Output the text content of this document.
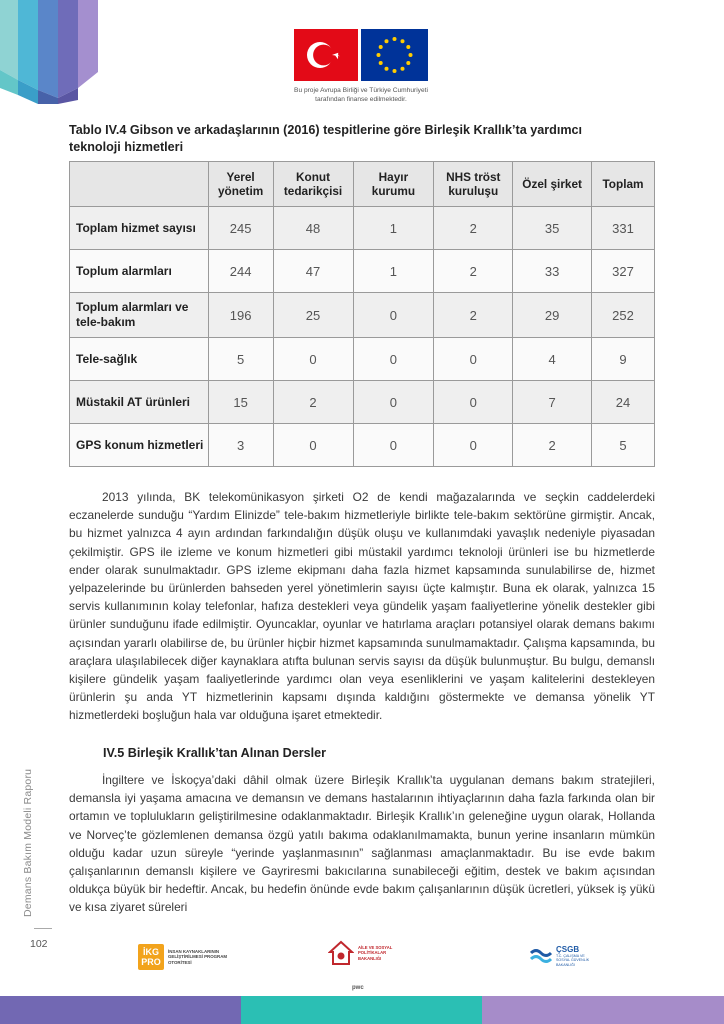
Bu proje Avrupa Birliği ve Türkiye Cumhuriyeti
tarafından finanse edilmektedir.
Tablo IV.4 Gibson ve arkadaşlarının (2016) tespitlerine göre Birleşik Krallık’ta yardımcı teknoloji hizmetleri
	Yerel yönetim	Konut tedarikçisi	Hayır kurumu	NHS tröst kuruluşu	Özel şirket	Toplam
Toplam hizmet sayısı	245	48	1	2	35	331
Toplum alarmları	244	47	1	2	33	327
Toplum alarmları ve tele-bakım	196	25	0	2	29	252
Tele-sağlık	5	0	0	0	4	9
Müstakil AT ürünleri	15	2	0	0	7	24
GPS konum hizmetleri	3	0	0	0	2	5

2013 yılında, BK telekomünikasyon şirketi O2 de kendi mağazalarında ve seçkin caddelerdeki eczanelerde sunduğu “Yardım Elinizde” tele-bakım hizmetleriyle birlikte tele-bakım sektörüne girmiştir. Ancak, bu hizmet yalnızca 4 ayın ardından farkındalığın düşük oluşu ve kullanımdaki yavaşlık nedeniyle piyasadan çekilmiştir. GPS ile izleme ve konum hizmetleri gibi müstakil yardımcı teknoloji ürünleri ise bu hizmetlerde ender olarak sunulmaktadır. GPS izleme ekipmanı daha fazla hizmet kapsamında sunulabilirse de, hizmet yelpazelerinde bu ürünlerden bahseden yerel yönetimlerin sayısı üçte kalmıştır. Buna ek olarak, yalnızca 15 servis kullanımının kolay telefonlar, hafıza destekleri veya gündelik yaşam faaliyetlerine yönelik destekler gibi ürünler sunduğunu ifade edilmiştir. Oyuncaklar, oyunlar ve hatırlama araçları potansiyel olarak demans bakımı açısından yararlı olabilirse de, bu ürünler hiçbir hizmet kapsamında sunulmamaktadır. Çalışma kapsamında, bu araçlara ulaşılabilecek diğer kaynaklara atıfta bulunan servis sayısı da düşük bulunmuştur. Bu bulgu, demanslı kişilere gündelik yaşam faaliyetlerinde yardımcı olan veya esenliklerini ve yaşam kalitelerini destekleyen ürünlerin şu anda YT hizmetlerinin kapsamı dışında kaldığını göstermekte ve demansa yönelik YT hizmetlerdeki boşluğun hala var olduğuna işaret etmektedir.

IV.5 Birleşik Krallık’tan Alınan Dersler

İngiltere ve İskoçya’daki dâhil olmak üzere Birleşik Krallık’ta uygulanan demans bakım stratejileri, demansla iyi yaşama amacına ve demansın ve demans hastalarının ihtiyaçlarının daha fazla farkında olan bir ortamın ve toplulukların geliştirilmesine odaklanmaktadır. Birleşik Krallık’ın geleneğine uygun olarak, Hollanda ve Norveç’te gözlemlenen demansa özgü yatılı bakıma odaklanılmamakta, bunun yerine insanların mümkün olduğu kadar uzun süreyle “yerinde yaşlanmasının” sağlanması amaçlanmaktadır. Bu ise evde bakım çalışanlarının demanslı kişilere ve Gayriresmi bakıcılarına sunabileceği eğitim, destek ve bakım açısından oldukça büyük bir hedeftir. Ancak, bu hedefin önünde evde bakım çalışanlarının düşük ücretleri, yüksek iş yükü ve kısa ziyaret süreleri

Demans Bakım Modeli Raporu
102
İKG PRO
İNSAN KAYNAKLARININ GELİŞTİRİLMESİ PROGRAM OTORİTESİ
AİLE VE SOSYAL POLİTİKALAR BAKANLIĞI
pwc
ÇSGB
T.C. ÇALIŞMA VE SOSYAL GÜVENLİK BAKANLIĞI
